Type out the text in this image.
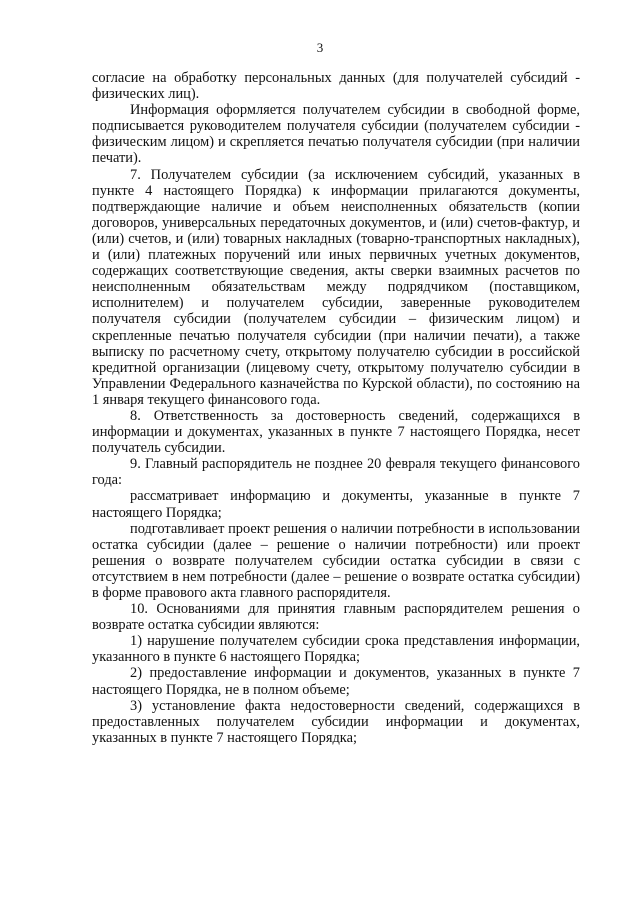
3

согласие на обработку персональных данных (для получателей субсидий - физических лиц).

Информация оформляется получателем субсидии в свободной форме, подписывается руководителем получателя субсидии (получателем субсидии - физическим лицом) и скрепляется печатью получателя субсидии (при наличии печати).

7. Получателем субсидии (за исключением субсидий, указанных в пункте 4 настоящего Порядка) к информации прилагаются документы, подтверждающие наличие и объем неисполненных обязательств (копии договоров, универсальных передаточных документов, и (или) счетов-фактур, и (или) счетов, и (или) товарных накладных (товарно-транспортных накладных), и (или) платежных поручений или иных первичных учетных документов, содержащих соответствующие сведения, акты сверки взаимных расчетов по неисполненным обязательствам между подрядчиком (поставщиком, исполнителем) и получателем субсидии, заверенные руководителем получателя субсидии (получателем субсидии – физическим лицом) и скрепленные печатью получателя субсидии (при наличии печати), а также выписку по расчетному счету, открытому получателю субсидии в российской кредитной организации (лицевому счету, открытому получателю субсидии в Управлении Федерального казначейства по Курской области), по состоянию на 1 января текущего финансового года.

8. Ответственность за достоверность сведений, содержащихся в информации и документах, указанных в пункте 7 настоящего Порядка, несет получатель субсидии.

9. Главный распорядитель не позднее 20 февраля текущего финансового года:

рассматривает информацию и документы, указанные в пункте 7 настоящего Порядка;

подготавливает проект решения о наличии потребности в использовании остатка субсидии (далее – решение о наличии потребности) или проект решения о возврате получателем субсидии остатка субсидии в связи с отсутствием в нем потребности (далее – решение о возврате остатка субсидии) в форме правового акта главного распорядителя.

10. Основаниями для принятия главным распорядителем решения о возврате остатка субсидии являются:

1) нарушение получателем субсидии срока представления информации, указанного в пункте 6 настоящего Порядка;

2) предоставление информации и документов, указанных в пункте 7 настоящего Порядка, не в полном объеме;

3) установление факта недостоверности сведений, содержащихся в предоставленных получателем субсидии информации и документах, указанных в пункте 7 настоящего Порядка;
